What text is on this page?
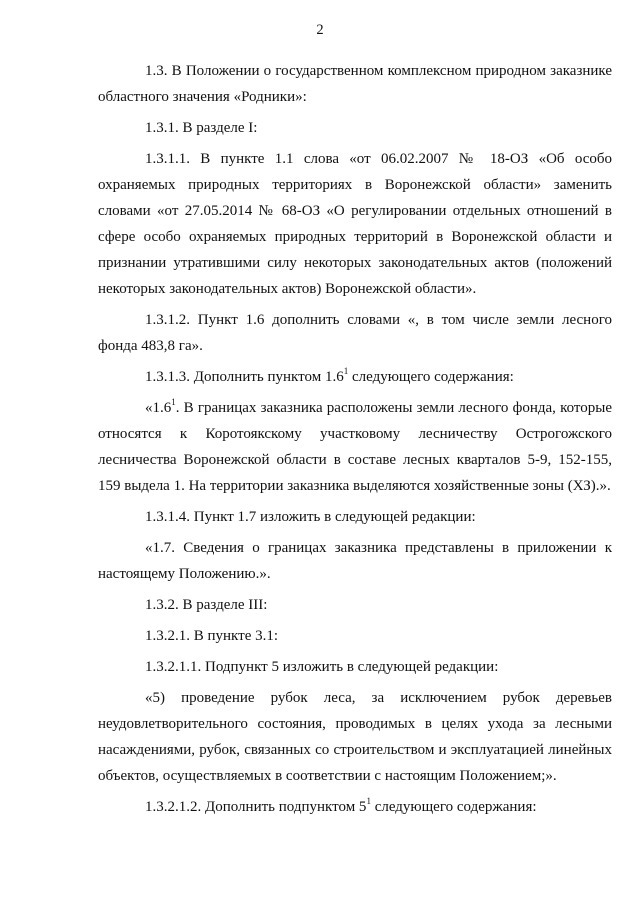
2

1.3. В Положении о государственном комплексном природном заказнике областного значения «Родники»:

1.3.1. В разделе I:

1.3.1.1. В пункте 1.1 слова «от 06.02.2007 № 18-ОЗ «Об особо охраняемых природных территориях в Воронежской области» заменить словами «от 27.05.2014 № 68-ОЗ «О регулировании отдельных отношений в сфере особо охраняемых природных территорий в Воронежской области и признании утратившими силу некоторых законодательных актов (положений некоторых законодательных актов) Воронежской области».

1.3.1.2. Пункт 1.6 дополнить словами «, в том числе земли лесного фонда 483,8 га».

1.3.1.3. Дополнить пунктом $1.6^1$ следующего содержания:

«$1.6^1$. В границах заказника расположены земли лесного фонда, которые относятся к Коротоякскому участковому лесничеству Острогожского лесничества Воронежской области в составе лесных кварталов 5-9, 152-155, 159 выдела 1. На территории заказника выделяются хозяйственные зоны (ХЗ).».

1.3.1.4. Пункт 1.7 изложить в следующей редакции:

«1.7. Сведения о границах заказника представлены в приложении к настоящему Положению.».

1.3.2. В разделе III:

1.3.2.1. В пункте 3.1:

1.3.2.1.1. Подпункт 5 изложить в следующей редакции:

«5) проведение рубок леса, за исключением рубок деревьев неудовлетворительного состояния, проводимых в целях ухода за лесными насаждениями, рубок, связанных со строительством и эксплуатацией линейных объектов, осуществляемых в соответствии с настоящим Положением;».

1.3.2.1.2. Дополнить подпунктом $5^1$ следующего содержания:
